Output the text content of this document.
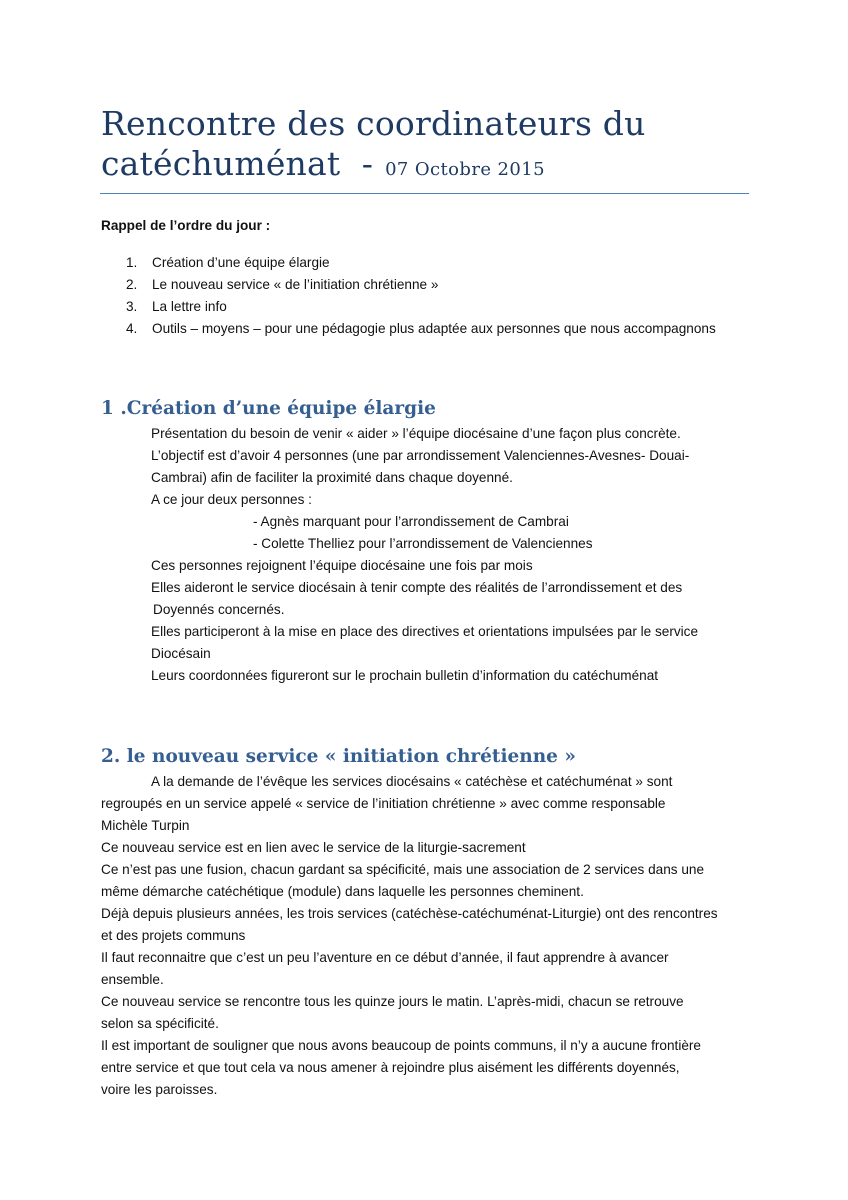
Rencontre des coordinateurs du
catéchuménat  - 07 Octobre 2015
Rappel de l’ordre du jour :
1. Création d’une équipe élargie
2. Le nouveau service « de l’initiation chrétienne »
3. La lettre info
4. Outils – moyens – pour une pédagogie plus adaptée aux personnes que nous accompagnons
1 .Création d’une équipe élargie

Présentation du besoin de venir « aider » l’équipe diocésaine d’une façon plus concrète.

L’objectif est d’avoir 4 personnes (une par arrondissement Valenciennes-Avesnes- Douai-

Cambrai) afin de faciliter la proximité dans chaque doyenné.

A ce jour deux personnes :

- Agnès marquant pour l’arrondissement de Cambrai

- Colette Thelliez pour l’arrondissement de Valenciennes

Ces personnes rejoignent l’équipe diocésaine une fois par mois

Elles aideront le service diocésain à tenir compte des réalités de l’arrondissement et des

Doyennés concernés.

Elles participeront à la mise en place des directives et orientations impulsées par le service

Diocésain

Leurs coordonnées figureront sur le prochain bulletin d’information du catéchuménat

2. le nouveau service « initiation chrétienne »

A la demande de l’évêque les services diocésains « catéchèse et catéchuménat » sont

regroupés en un service appelé « service de l’initiation chrétienne » avec comme responsable

Michèle Turpin

Ce nouveau service est en lien avec le service de la liturgie-sacrement

Ce n’est pas une fusion, chacun gardant sa spécificité, mais une association de 2 services dans une

même démarche catéchétique (module) dans laquelle les personnes cheminent.

Déjà depuis plusieurs années, les trois services (catéchèse-catéchuménat-Liturgie) ont des rencontres

et des projets communs

Il faut reconnaitre que c’est un peu l’aventure en ce début d’année, il faut apprendre à avancer

ensemble.

Ce nouveau service se rencontre tous les quinze jours le matin. L’après-midi, chacun se retrouve

selon sa spécificité.

Il est important de souligner que nous avons beaucoup de points communs, il n’y a aucune frontière

entre service et que tout cela va nous amener à rejoindre plus aisément les différents doyennés,

voire les paroisses.
